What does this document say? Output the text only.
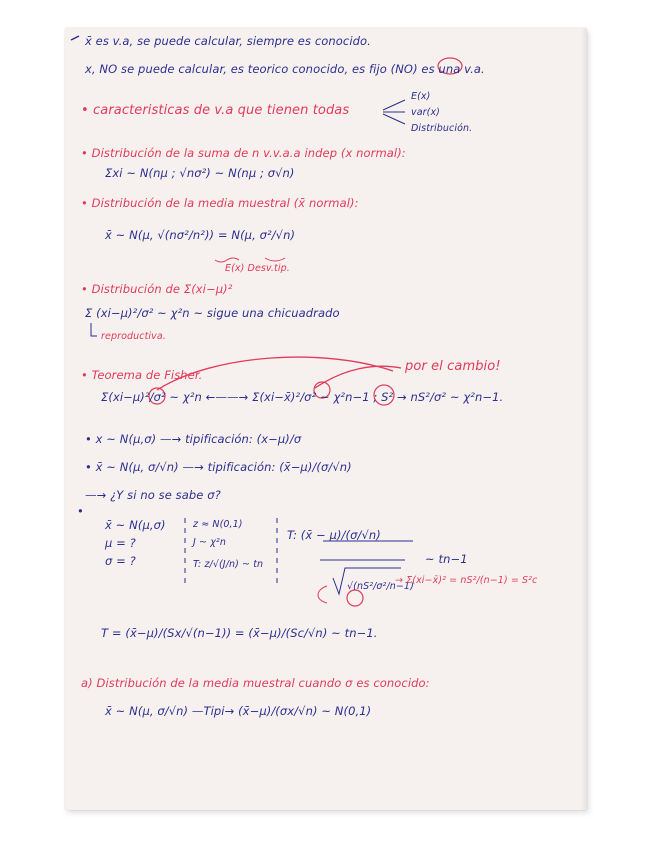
x̄ es v.a, se puede calcular, siempre es conocido.
x, NO se puede calcular, es teorico conocido, es fijo (NO) es una v.a.
• caracteristicas de v.a que tienen todas
E(x)
var(x)
Distribución.
• Distribución de la suma de n v.v.a.a indep (x normal):
Σxi ~ N(nμ ; √nσ²) ~ N(nμ ; σ√n)
• Distribución de la media muestral (x̄ normal):
x̄ ~ N(μ, √(nσ²/n²)) = N(μ, σ²/√n)
E(x) Desv.tip.
• Distribución de Σ(xi−μ)²
Σ (xi−μ)²/σ² ~ χ²n ~ sigue una chicuadrado
reproductiva.
• Teorema de Fisher.
por el cambio!
Σ(xi−μ)²/σ² ~ χ²n ←——→ Σ(xi−x̄)²/σ² ~ χ²n−1 ; S² → nS²/σ² ~ χ²n−1.
• x ~ N(μ,σ) —→ tipificación: (x−μ)/σ
• x̄ ~ N(μ, σ/√n) —→ tipificación: (x̄−μ)/(σ/√n)
—→ ¿Y si no se sabe σ?
•
x̄ ~ N(μ,σ)
μ = ?
σ = ?
z ≈ N(0,1)
J ~ χ²n
T: z/√(J/n) ~ tn
T: (x̄ − μ)/(σ/√n)
~ tn−1
√(nS²/σ²/n−1)
→ Σ(xi−x̄)² = nS²/(n−1) = S²c
T = (x̄−μ)/(Sx/√(n−1)) = (x̄−μ)/(Sc/√n) ~ tn−1.
a) Distribución de la media muestral cuando σ es conocido:
x̄ ~ N(μ, σ/√n) —Tipi→ (x̄−μ)/(σx/√n) ~ N(0,1)
